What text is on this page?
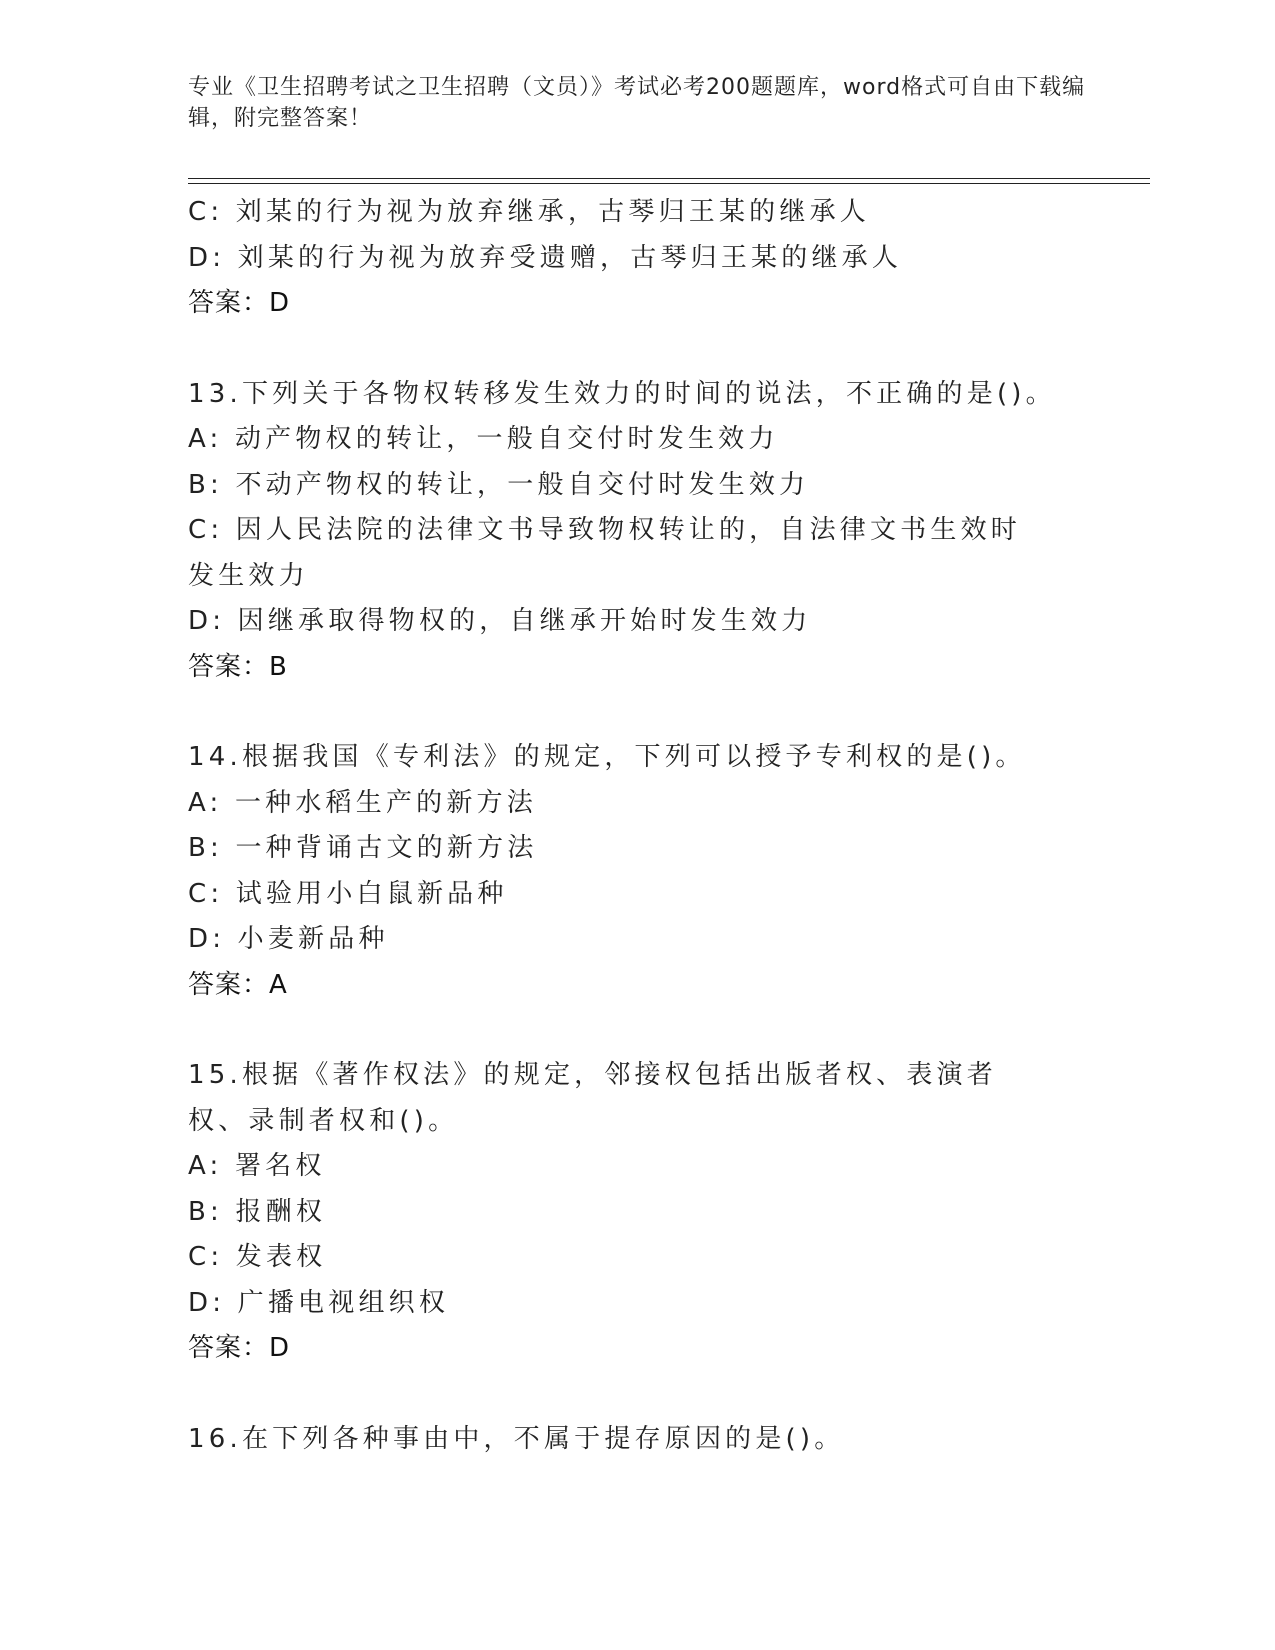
专业《卫生招聘考试之卫生招聘（文员）》考试必考200题题库，word格式可自由下载编辑，附完整答案！
C: 刘某的行为视为放弃继承，古琴归王某的继承人
D: 刘某的行为视为放弃受遗赠，古琴归王某的继承人
答案：D
13.下列关于各物权转移发生效力的时间的说法，不正确的是()。
A: 动产物权的转让，一般自交付时发生效力
B: 不动产物权的转让，一般自交付时发生效力
C: 因人民法院的法律文书导致物权转让的，自法律文书生效时发生效力
D: 因继承取得物权的，自继承开始时发生效力
答案：B
14.根据我国《专利法》的规定，下列可以授予专利权的是()。
A: 一种水稻生产的新方法
B: 一种背诵古文的新方法
C: 试验用小白鼠新品种
D: 小麦新品种
答案：A
15.根据《著作权法》的规定，邻接权包括出版者权、表演者权、录制者权和()。
A: 署名权
B: 报酬权
C: 发表权
D: 广播电视组织权
答案：D
16.在下列各种事由中，不属于提存原因的是()。
